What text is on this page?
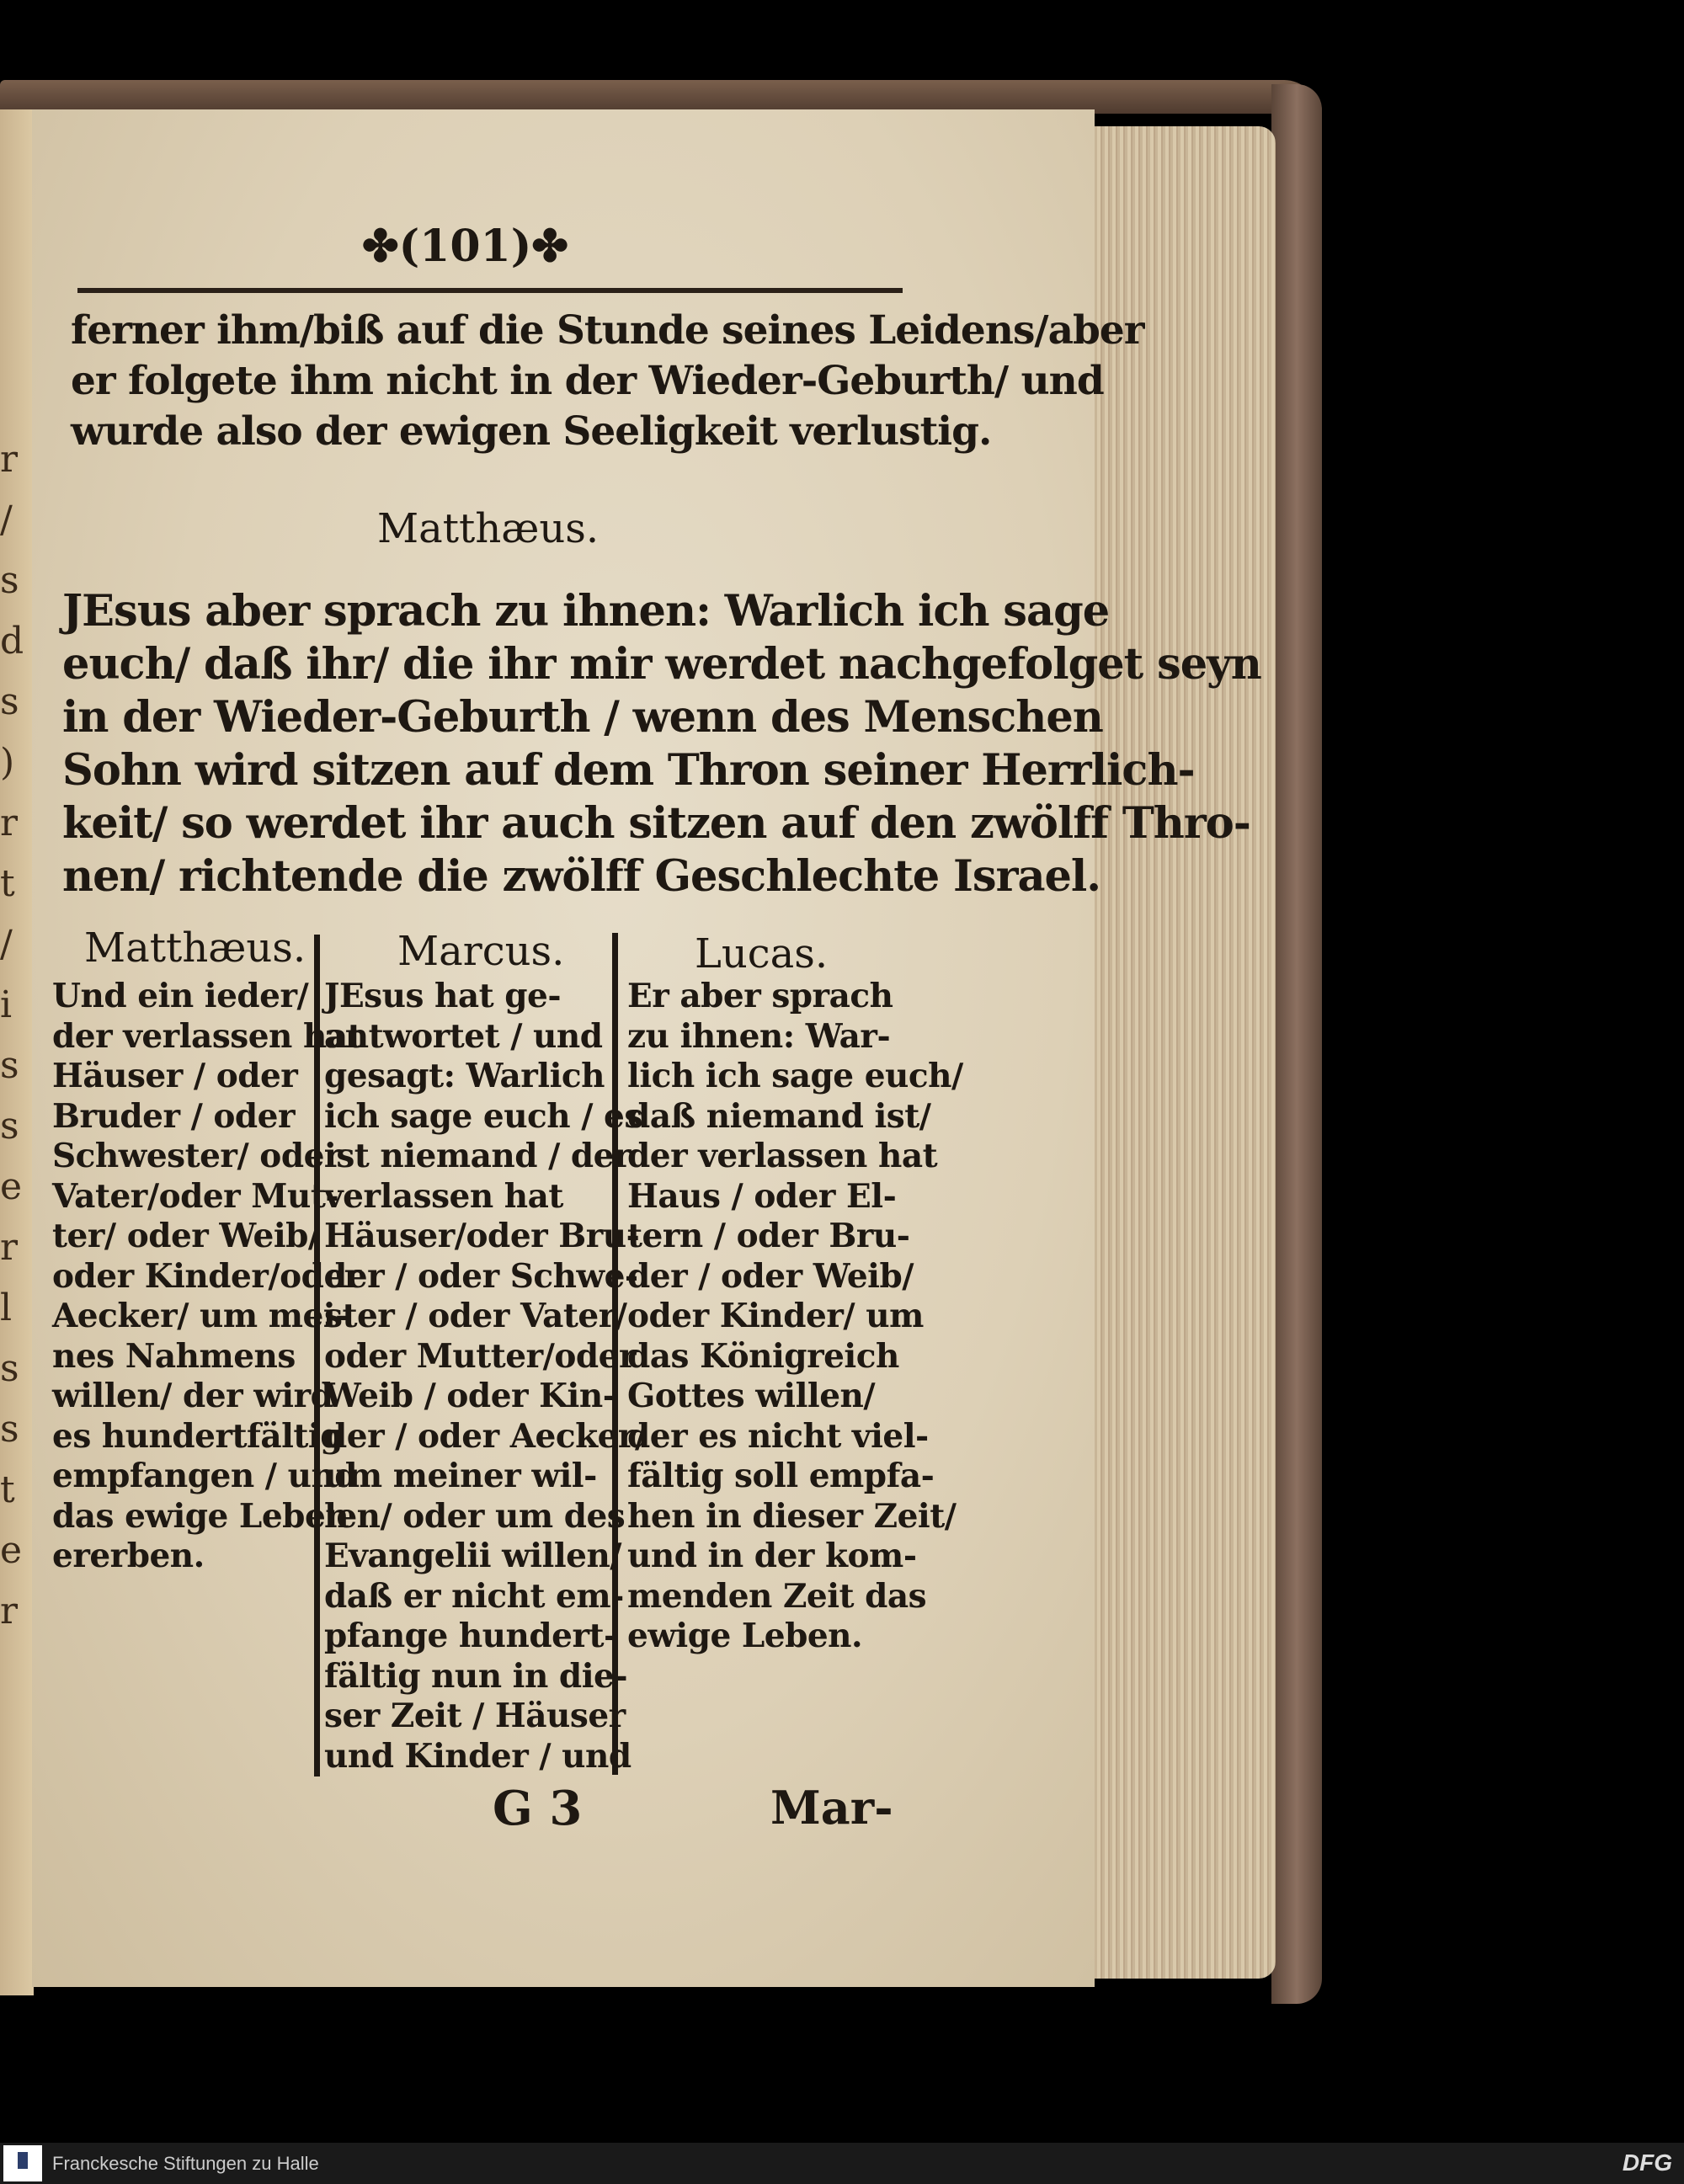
r
/
s
d
s
)
r
t
/
i
s
s
e
r
l
s
s
t
e
r
✤(101)✤
ferner ihm/biß auf die Stunde seines Leidens/aber
er folgete ihm nicht in der Wieder-Geburth/ und
wurde also der ewigen Seeligkeit verlustig.
Matthæus.
JEsus aber sprach zu ihnen: Warlich ich sage
euch/ daß ihr/ die ihr mir werdet nachgefolget seyn
in der Wieder-Geburth / wenn des Menschen
Sohn wird sitzen auf dem Thron seiner Herrlich-
keit/ so werdet ihr auch sitzen auf den zwölff Thro-
nen/ richtende die zwölff Geschlechte Israel.
Matthæus. Marcus.	Lucas.
Und ein ieder/
der verlassen hat
Häuser / oder
Bruder / oder
Schwester/ oder
Vater/oder Mut-
ter/ oder Weib/
oder Kinder/oder
Aecker/ um mei-
nes Nahmens
willen/ der wird
es hundertfältig
empfangen / und
das ewige Leben
ererben.
JEsus hat ge-
antwortet / und
gesagt: Warlich
ich sage euch / es
ist niemand / der
verlassen hat
Häuser/oder Bru-
der / oder Schwe-
ster / oder Vater/
oder Mutter/oder
Weib / oder Kin-
der / oder Aecker/
um meiner wil-
len/ oder um des
Evangelii willen/
daß er nicht em-
pfange hundert-
fältig nun in die-
ser Zeit / Häuser
und Kinder / und
Er aber sprach
zu ihnen: War-
lich ich sage euch/
daß niemand ist/
der verlassen hat
Haus / oder El-
tern / oder Bru-
der / oder Weib/
oder Kinder/ um
das Königreich
Gottes willen/
der es nicht viel-
fältig soll empfa-
hen in dieser Zeit/
und in der kom-
menden Zeit das
ewige Leben.
G 3	Mar-
Franckesche Stiftungen zu Halle	DFG
